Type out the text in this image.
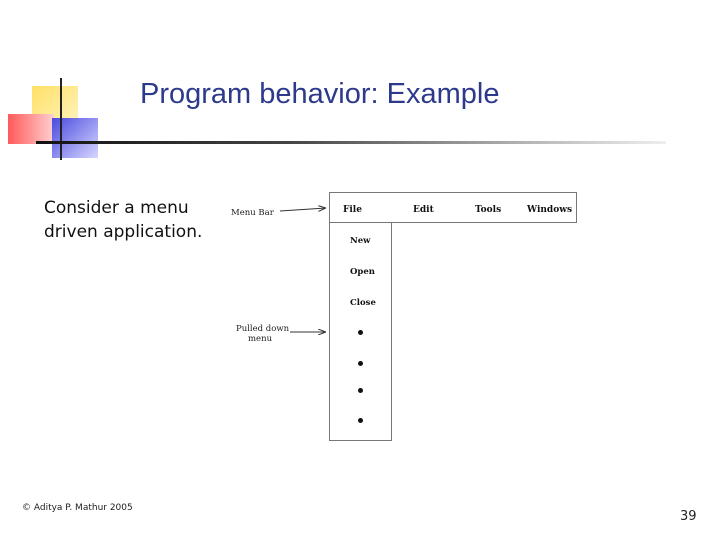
Program behavior: Example
Consider a menu driven application.
Menu Bar
Pulled down
menu
File	Edit	Tools	Windows
New
Open
Close
© Aditya P. Mathur 2005
39
